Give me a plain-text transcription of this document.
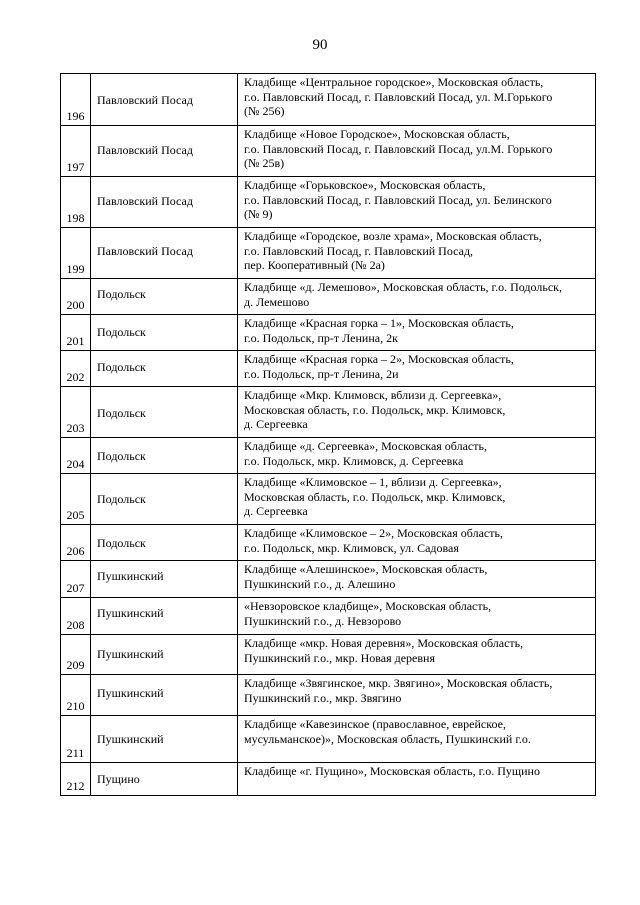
90
196	Павловский Посад	Кладбище «Центральное городское», Московская область,
г.о. Павловский Посад, г. Павловский Посад, ул. М.Горького
(№ 256)

197	Павловский Посад	Кладбище «Новое Городское», Московская область,
г.о. Павловский Посад, г. Павловский Посад, ул.М. Горького
(№ 25в)

198	Павловский Посад	Кладбище «Горьковское», Московская область,
г.о. Павловский Посад, г. Павловский Посад, ул. Белинского
(№ 9)

199	Павловский Посад	Кладбище «Городское, возле храма», Московская область,
г.о. Павловский Посад, г. Павловский Посад,
пер. Кооперативный (№ 2а)

200	Подольск	Кладбище «д. Лемешово», Московская область, г.о. Подольск,
д. Лемешово

201	Подольск	Кладбище «Красная горка – 1», Московская область,
г.о. Подольск, пр-т Ленина, 2к

202	Подольск	Кладбище «Красная горка – 2», Московская область,
г.о. Подольск, пр-т Ленина, 2и

203	Подольск	Кладбище «Мкр. Климовск, вблизи д. Сергеевка»,
Московская область, г.о. Подольск, мкр. Климовск,
д. Сергеевка

204	Подольск	Кладбище «д. Сергеевка», Московская область,
г.о. Подольск, мкр. Климовск, д. Сергеевка

205	Подольск	Кладбище «Климовское – 1, вблизи д. Сергеевка»,
Московская область, г.о. Подольск, мкр. Климовск,
д. Сергеевка

206	Подольск	Кладбище «Климовское – 2», Московская область,
г.о. Подольск, мкр. Климовск, ул. Садовая

207	Пушкинский	Кладбище «Алешинское», Московская область,
Пушкинский г.о., д. Алешино

208	Пушкинский	«Невзоровское кладбище», Московская область,
Пушкинский г.о., д. Невзорово

209	Пушкинский	Кладбище «мкр. Новая деревня», Московская область,
Пушкинский г.о., мкр. Новая деревня

210	Пушкинский	Кладбище «Звягинское, мкр. Звягино», Московская область,
Пушкинский г.о., мкр. Звягино

211	Пушкинский	Кладбище «Кавезинское (православное, еврейское,
мусульманское)», Московская область, Пушкинский г.о.

212	Пущино	Кладбище «г. Пущино», Московская область, г.о. Пущино
